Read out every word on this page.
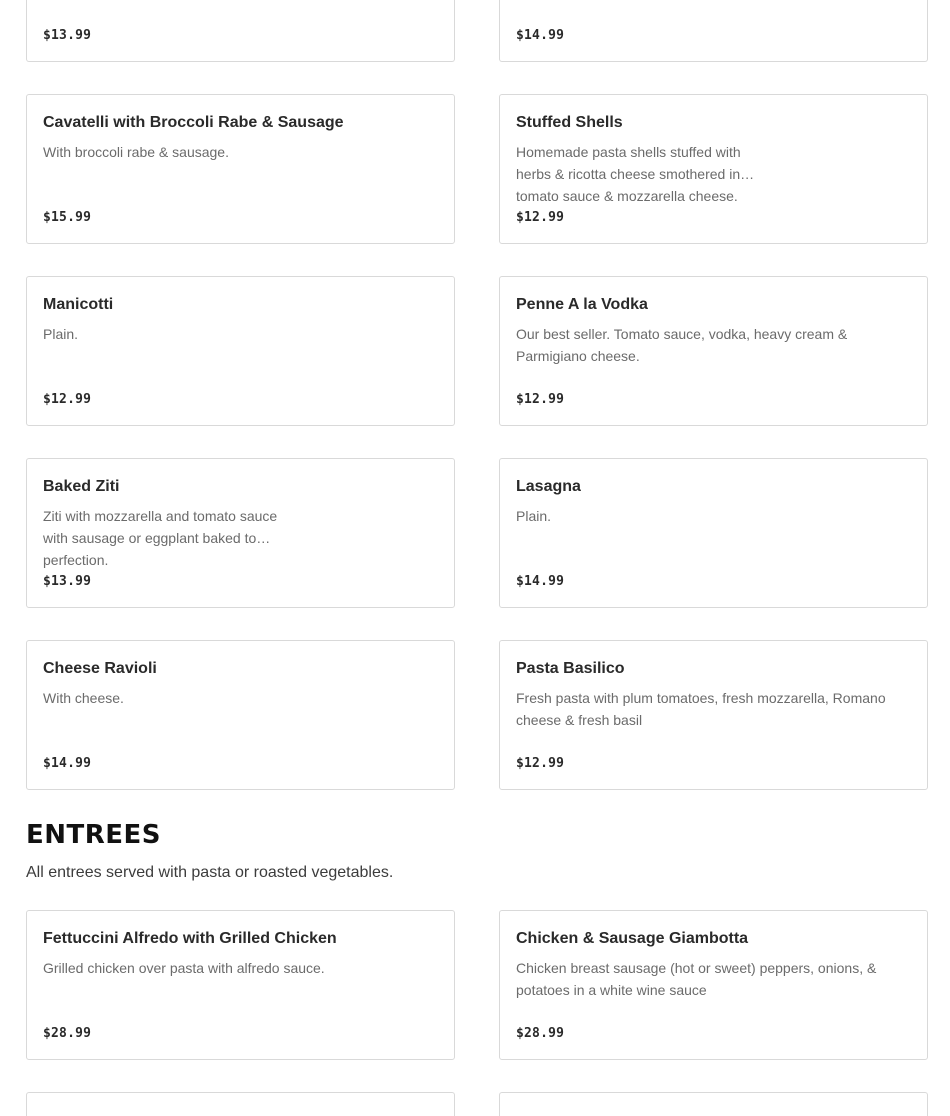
$13.99	$14.99
Cavatelli with Broccoli Rabe & Sausage
With broccoli rabe & sausage.
$15.99
Stuffed Shells
Homemade pasta shells stuffed with herbs & ricotta cheese smothered in tomato sauce & mozzarella cheese.
$12.99
Manicotti
Plain.
$12.99
Penne A la Vodka
Our best seller. Tomato sauce, vodka, heavy cream & Parmigiano cheese.
$12.99
Baked Ziti
Ziti with mozzarella and tomato sauce with sausage or eggplant baked to perfection.
$13.99
Lasagna
Plain.
$14.99
Cheese Ravioli
With cheese.
$14.99
Pasta Basilico
Fresh pasta with plum tomatoes, fresh mozzarella, Romano cheese & fresh basil
$12.99
ENTREES
All entrees served with pasta or roasted vegetables.
Fettuccini Alfredo with Grilled Chicken
Grilled chicken over pasta with alfredo sauce.
$28.99
Chicken & Sausage Giambotta
Chicken breast sausage (hot or sweet) peppers, onions, & potatoes in a white wine sauce
$28.99
